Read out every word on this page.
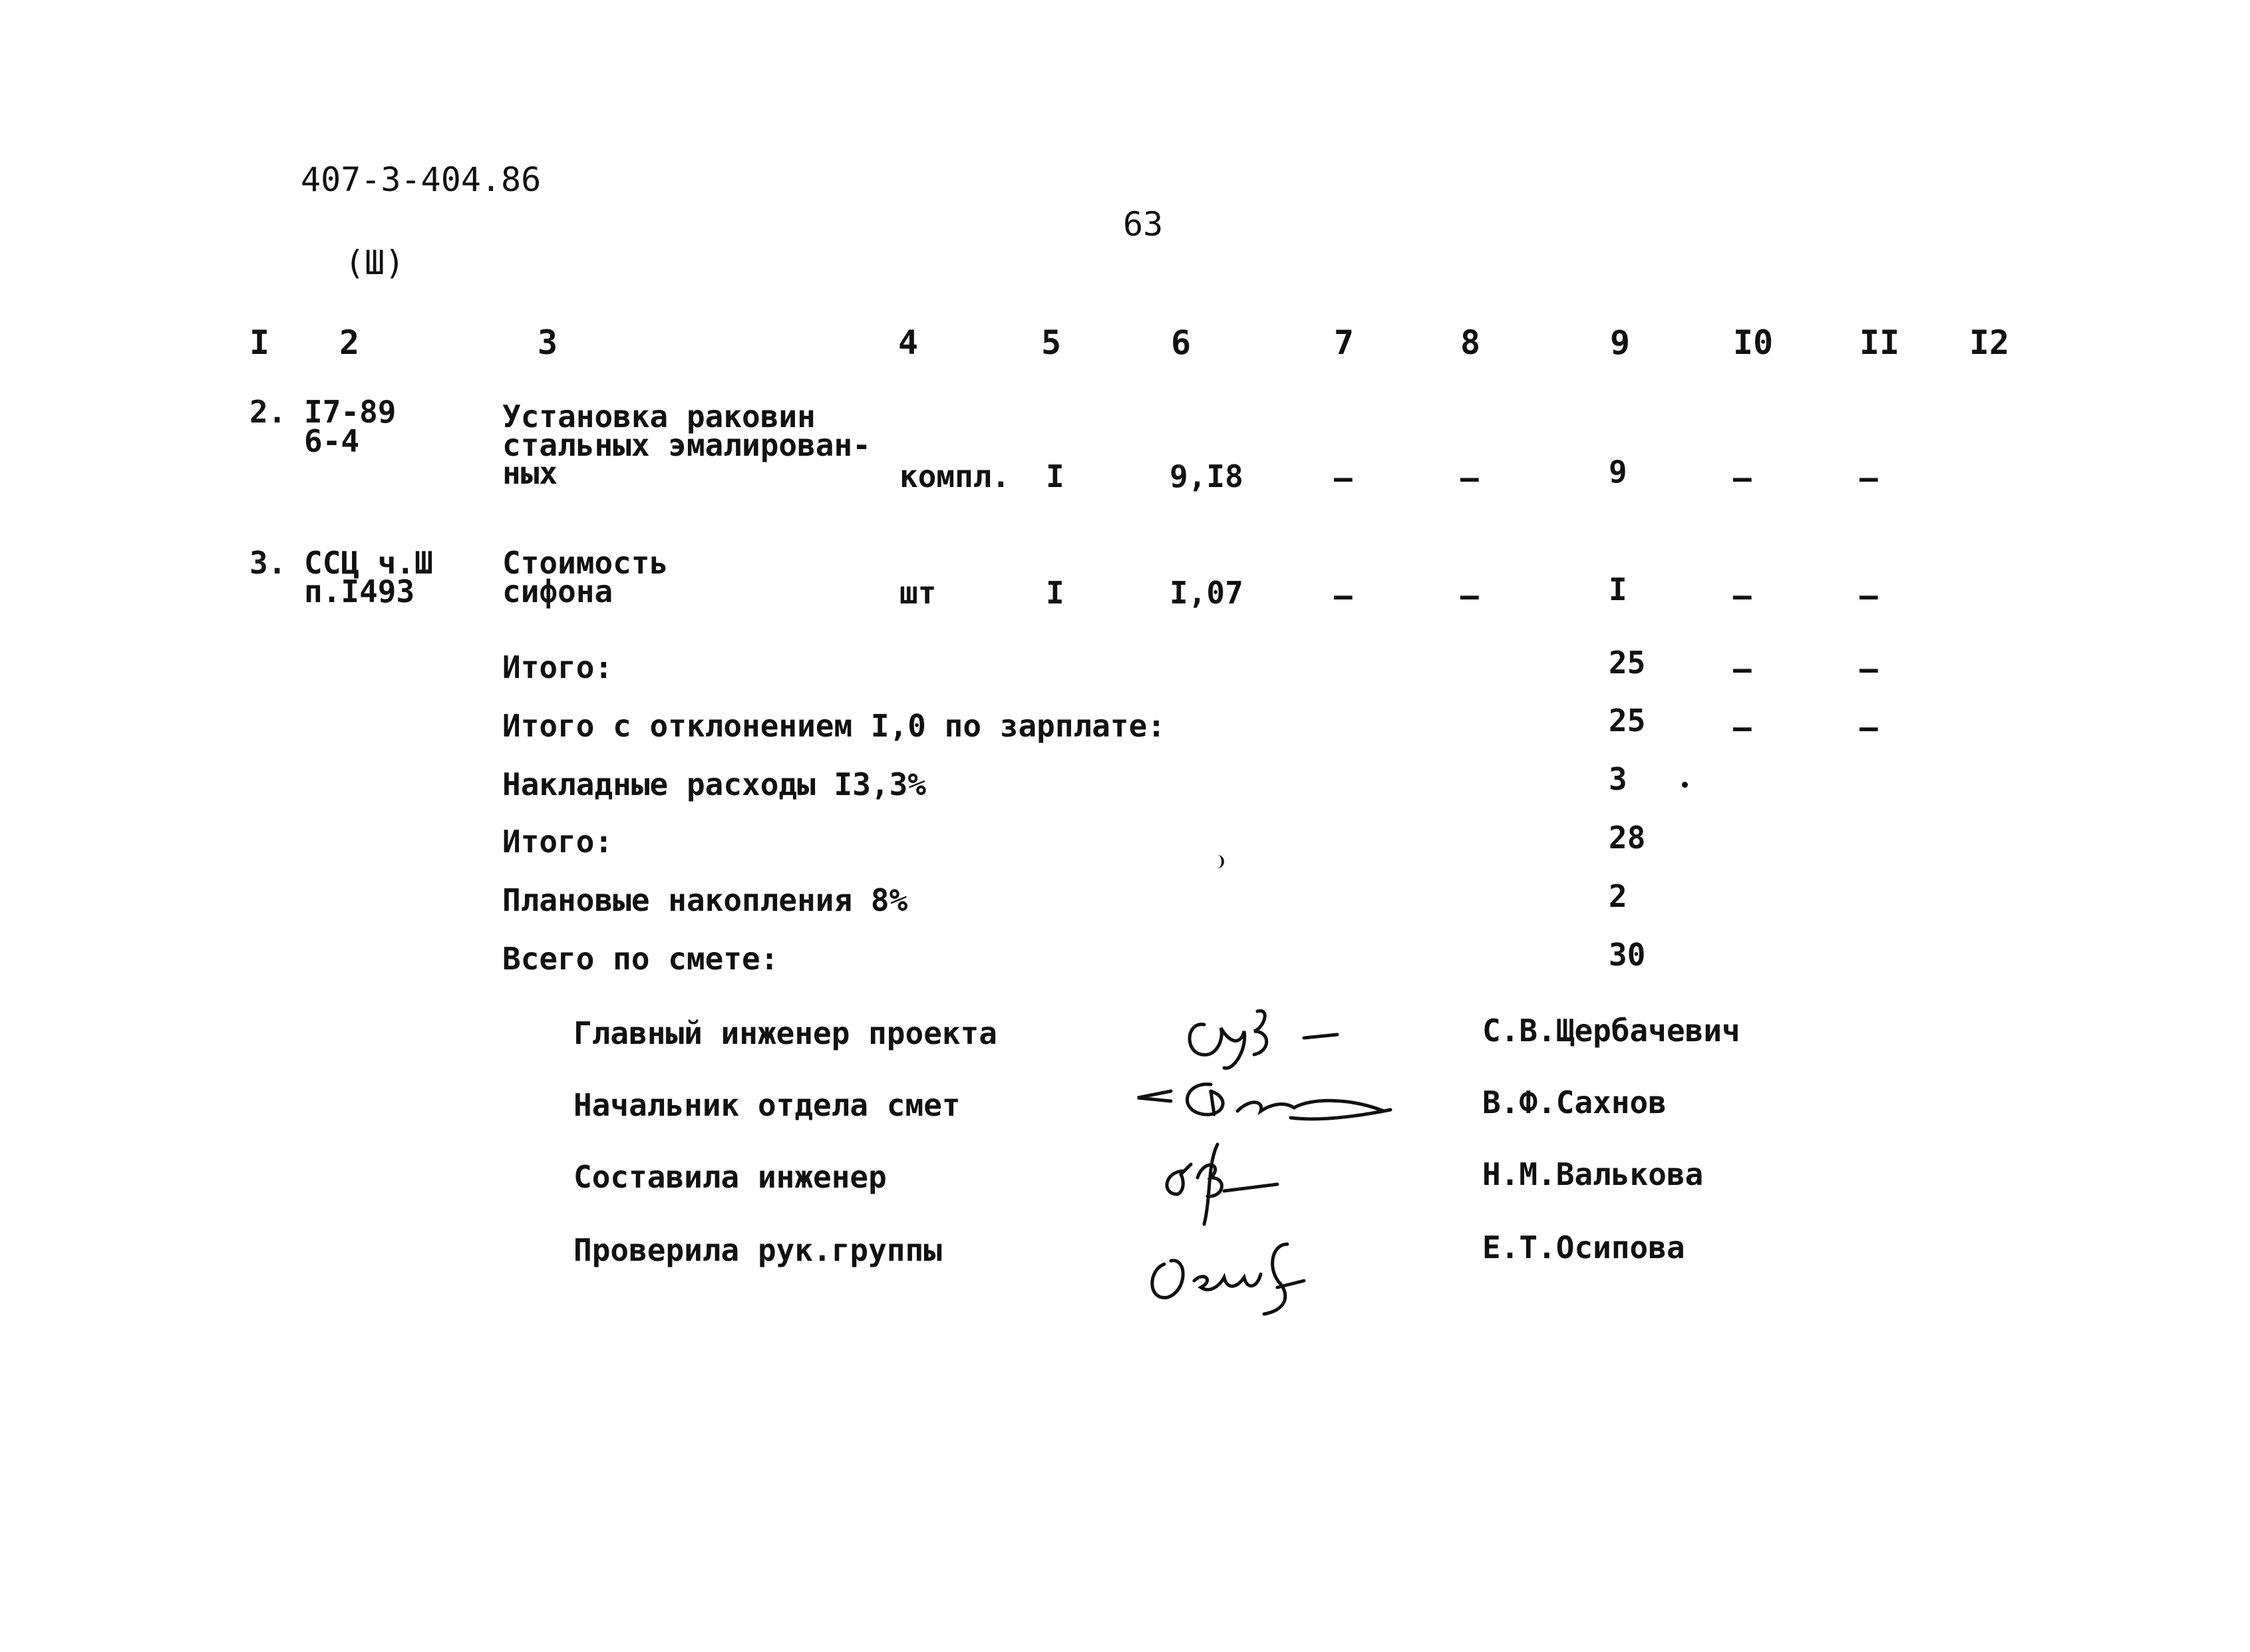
407-3-404.86
63
(Ш)
I 2	3	4	5	6	7	8	9	I0	II I2
2. I7-89
6-4
Установка раковин
стальных эмалирован-
ных	компл. I	9,I8	–	–	9	–	–
3. ССЦ ч.Ш
п.I493
Стоимость
сифона	шт	I	I,07	–	–	I	–	–
Итого:	25	–	–
Итого с отклонением I,0 по зарплате:	25	–	–
Накладные расходы I3,3%	3
Итого:	28
Плановые накопления 8%	2
Всего по смете:	30
Главный инженер проекта	С.В.Щербачевич
Начальник отдела смет	В.Ф.Сахнов
Составила инженер	Н.М.Валькова
Проверила рук.группы	Е.Т.Осипова
